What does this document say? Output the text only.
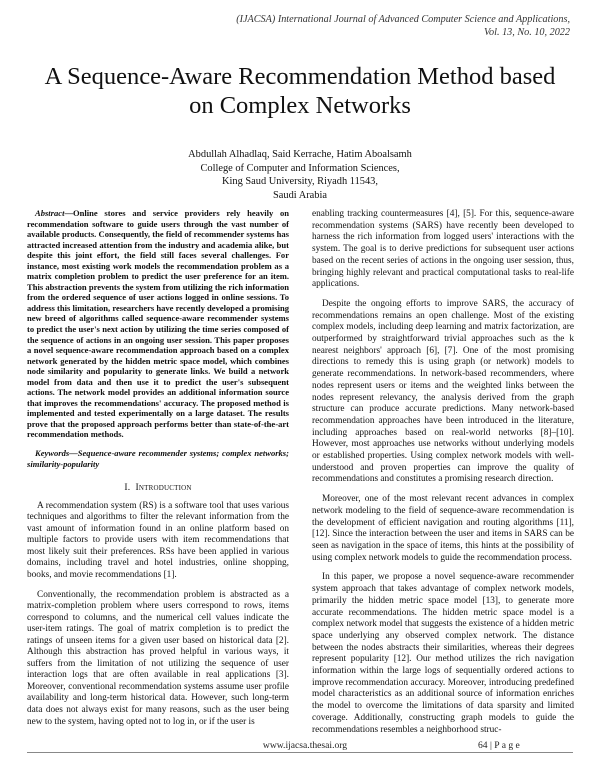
(IJACSA) International Journal of Advanced Computer Science and Applications,
Vol. 13, No. 10, 2022
A Sequence-Aware Recommendation Method based
on Complex Networks
Abdullah Alhadlaq, Said Kerrache, Hatim Aboalsamh
College of Computer and Information Sciences,
King Saud University, Riyadh 11543,
Saudi Arabia

Abstract—Online stores and service providers rely heavily on recommendation software to guide users through the vast number of available products. Consequently, the field of recommender systems has attracted increased attention from the industry and academia alike, but despite this joint effort, the field still faces several challenges. For instance, most existing work models the recommendation problem as a matrix completion problem to predict the user preference for an item. This abstraction prevents the system from utilizing the rich information from the ordered sequence of user actions logged in online sessions. To address this limitation, researchers have recently developed a promising new breed of algorithms called sequence-aware recommender systems to predict the user's next action by utilizing the time series composed of the sequence of actions in an ongoing user session. This paper proposes a novel sequence-aware recommendation approach based on a complex network generated by the hidden metric space model, which combines node similarity and popularity to generate links. We build a network model from data and then use it to predict the user's subsequent actions. The network model provides an additional information source that improves the recommendations' accuracy. The proposed method is implemented and tested experimentally on a large dataset. The results prove that the proposed approach performs better than state-of-the-art recommendation methods.

Keywords—Sequence-aware recommender systems; complex networks; similarity-popularity

I. Introduction

A recommendation system (RS) is a software tool that uses various techniques and algorithms to filter the relevant information from the vast amount of information found in an online platform based on multiple factors to provide users with item recommendations that most likely suit their preferences. RSs have been applied in various domains, including travel and hotel industries, online shopping, books, and movie recommendations [1].

Conventionally, the recommendation problem is abstracted as a matrix-completion problem where users correspond to rows, items correspond to columns, and the numerical cell values indicate the user-item ratings. The goal of matrix completion is to predict the ratings of unseen items for a given user based on historical data [2]. Although this abstraction has proved helpful in various ways, it suffers from the limitation of not utilizing the sequence of user interaction logs that are often available in real applications [3]. Moreover, conventional recommendation systems assume user profile availability and long-term historical data. However, such long-term data does not always exist for many reasons, such as the user being new to the system, having opted not to log in, or if the user is

enabling tracking countermeasures [4], [5]. For this, sequence-aware recommendation systems (SARS) have recently been developed to harness the rich information from logged users' interactions with the system. The goal is to derive predictions for subsequent user actions based on the recent series of actions in the ongoing user session, thus, bringing highly relevant and practical computational tasks to real-life applications.

Despite the ongoing efforts to improve SARS, the accuracy of recommendations remains an open challenge. Most of the existing complex models, including deep learning and matrix factorization, are outperformed by straightforward trivial approaches such as the k nearest neighbors' approach [6], [7]. One of the most promising directions to remedy this is using graph (or network) models to generate recommendations. In network-based recommenders, where nodes represent users or items and the weighted links between the nodes represent relevancy, the analysis derived from the graph structure can produce accurate predictions. Many network-based recommendation approaches have been introduced in the literature, including approaches based on real-world networks [8]–[10]. However, most approaches use networks without underlying models or established properties. Using complex network models with well-understood and proven properties can improve the quality of recommendations and constitutes a promising research direction.

Moreover, one of the most relevant recent advances in complex network modeling to the field of sequence-aware recommendation is the development of efficient navigation and routing algorithms [11], [12]. Since the interaction between the user and items in SARS can be seen as navigation in the space of items, this hints at the possibility of using complex network models to guide the recommendation process.

In this paper, we propose a novel sequence-aware recommender system approach that takes advantage of complex network models, primarily the hidden metric space model [13], to generate more accurate recommendations. The hidden metric space model is a complex network model that suggests the existence of a hidden metric space underlying any observed complex network. The distance between the nodes abstracts their similarities, whereas their degrees represent popularity [12]. Our method utilizes the rich navigation information within the large logs of sequentially ordered actions to improve recommendation accuracy. Moreover, introducing predefined model characteristics as an additional source of information enriches the model to overcome the limitations of data sparsity and limited coverage. Additionally, constructing graph models to guide the recommendations resembles a neighborhood struc-

www.ijacsa.thesai.org	64 | P a g e
